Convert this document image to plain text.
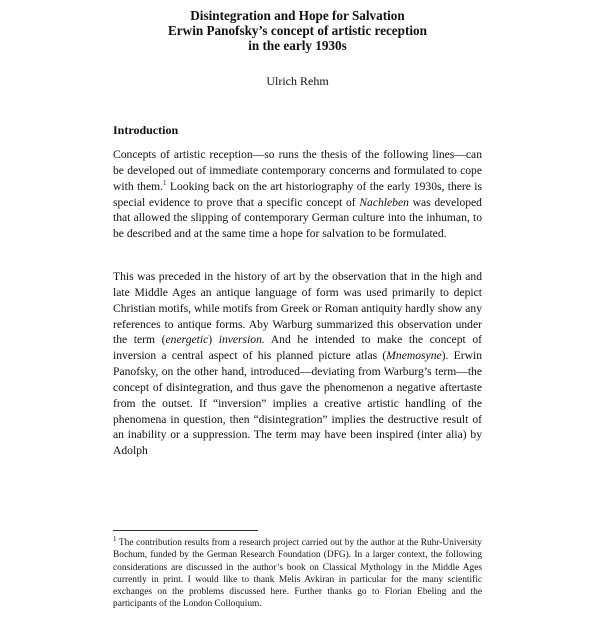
Disintegration and Hope for Salvation
Erwin Panofsky’s concept of artistic reception
in the early 1930s
Ulrich Rehm
Introduction
Concepts of artistic reception—so runs the thesis of the following lines—can be developed out of immediate contemporary concerns and formulated to cope with them.$^1$ Looking back on the art historiography of the early 1930s, there is special evidence to prove that a specific concept of Nachleben was developed that allowed the slipping of contemporary German culture into the inhuman, to be described and at the same time a hope for salvation to be formulated.
This was preceded in the history of art by the observation that in the high and late Middle Ages an antique language of form was used primarily to depict Christian motifs, while motifs from Greek or Roman antiquity hardly show any references to antique forms. Aby Warburg summarized this observation under the term (energetic) inversion. And he intended to make the concept of inversion a central aspect of his planned picture atlas (Mnemosyne). Erwin Panofsky, on the other hand, introduced—deviating from Warburg’s term—the concept of disintegration, and thus gave the phenomenon a negative aftertaste from the outset. If “inversion” implies a creative artistic handling of the phenomena in question, then “disintegration” implies the destructive result of an inability or a suppression. The term may have been inspired (inter alia) by Adolph
$^1$ The contribution results from a research project carried out by the author at the Ruhr-University Bochum, funded by the German Research Foundation (DFG). In a larger context, the following considerations are discussed in the author’s book on Classical Mythology in the Middle Ages currently in print. I would like to thank Melis Avkiran in particular for the many scientific exchanges on the problems discussed here. Further thanks go to Florian Ebeling and the participants of the London Colloquium.
